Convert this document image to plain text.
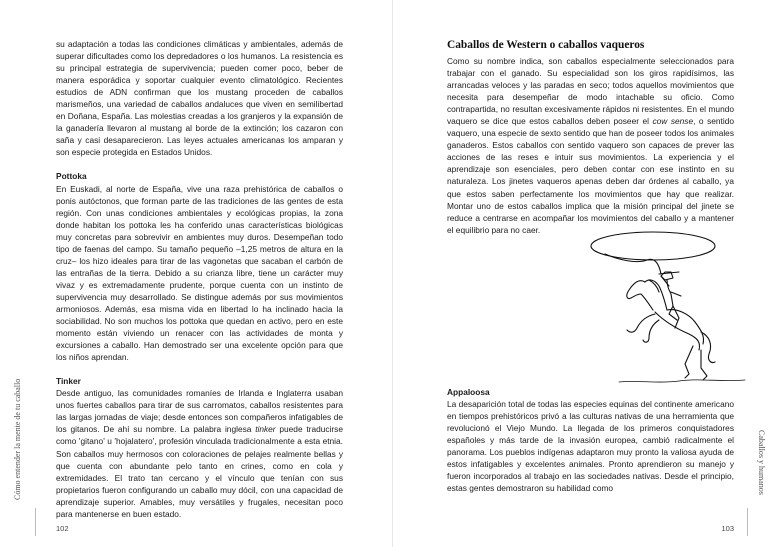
su adaptación a todas las condiciones climáticas y ambientales, además de superar dificultades como los depredadores o los humanos. La resistencia es su principal estrategia de supervivencia; pueden comer poco, beber de manera esporádica y soportar cualquier evento climatológico. Recientes estudios de ADN confirman que los mustang proceden de caballos marismeños, una variedad de caballos andaluces que viven en semilibertad en Doñana, España. Las molestias creadas a los granjeros y la expansión de la ganadería llevaron al mustang al borde de la extinción; los cazaron con saña y casi desaparecieron. Las leyes actuales americanas los amparan y son especie protegida en Estados Unidos.

Pottoka

En Euskadi, al norte de España, vive una raza prehistórica de caballos o ponis autóctonos, que forman parte de las tradiciones de las gentes de esta región. Con unas condiciones ambientales y ecológicas propias, la zona donde habitan los pottoka les ha conferido unas características biológicas muy concretas para sobrevivir en ambientes muy duros. Desempeñan todo tipo de faenas del campo. Su tamaño pequeño –1,25 metros de altura en la cruz– los hizo ideales para tirar de las vagonetas que sacaban el carbón de las entrañas de la tierra. Debido a su crianza libre, tiene un carácter muy vivaz y es extremadamente prudente, porque cuenta con un instinto de supervivencia muy desarrollado. Se distingue además por sus movimientos armoniosos. Además, esa misma vida en libertad lo ha inclinado hacia la sociabilidad. No son muchos los pottoka que quedan en activo, pero en este momento están viviendo un renacer con las actividades de monta y excursiones a caballo. Han demostrado ser una excelente opción para que los niños aprendan.

Tinker

Desde antiguo, las comunidades romaníes de Irlanda e Inglaterra usaban unos fuertes caballos para tirar de sus carromatos, caballos resistentes para las largas jornadas de viaje; desde entonces son compañeros infatigables de los gitanos. De ahí su nombre. La palabra inglesa tinker puede traducirse como 'gitano' u 'hojalatero', profesión vinculada tradicionalmente a esta etnia. Son caballos muy hermosos con coloraciones de pelajes realmente bellas y que cuenta con abundante pelo tanto en crines, como en cola y extremidades. El trato tan cercano y el vínculo que tenían con sus propietarios fueron configurando un caballo muy dócil, con una capacidad de aprendizaje superior. Amables, muy versátiles y frugales, necesitan poco para mantenerse en buen estado.

Cómo entender la mente de tu caballo
102
Caballos de Western o caballos vaqueros

Como su nombre indica, son caballos especialmente seleccionados para trabajar con el ganado. Su especialidad son los giros rapidísimos, las arrancadas veloces y las paradas en seco; todos aquellos movimientos que necesita para desempeñar de modo intachable su oficio. Como contrapartida, no resultan excesivamente rápidos ni resistentes. En el mundo vaquero se dice que estos caballos deben poseer el cow sense, o sentido vaquero, una especie de sexto sentido que han de poseer todos los animales ganaderos. Estos caballos con sentido vaquero son capaces de prever las acciones de las reses e intuir sus movimientos. La experiencia y el aprendizaje son esenciales, pero deben contar con ese instinto en su naturaleza. Los jinetes vaqueros apenas deben dar órdenes al caballo, ya que estos saben perfectamente los movimientos que hay que realizar. Montar uno de estos caballos implica que la misión principal del jinete se reduce a centrarse en acompañar los movimientos del caballo y a mantener el equilibrio para no caer.

Appaloosa

La desaparición total de todas las especies equinas del continente americano en tiempos prehistóricos privó a las culturas nativas de una herramienta que revolucionó el Viejo Mundo. La llegada de los primeros conquistadores españoles y más tarde de la invasión europea, cambió radicalmente el panorama. Los pueblos indígenas adaptaron muy pronto la valiosa ayuda de estos infatigables y excelentes animales. Pronto aprendieron su manejo y fueron incorporados al trabajo en las sociedades nativas. Desde el principio, estas gentes demostraron su habilidad como	Caballos y humanos
103
